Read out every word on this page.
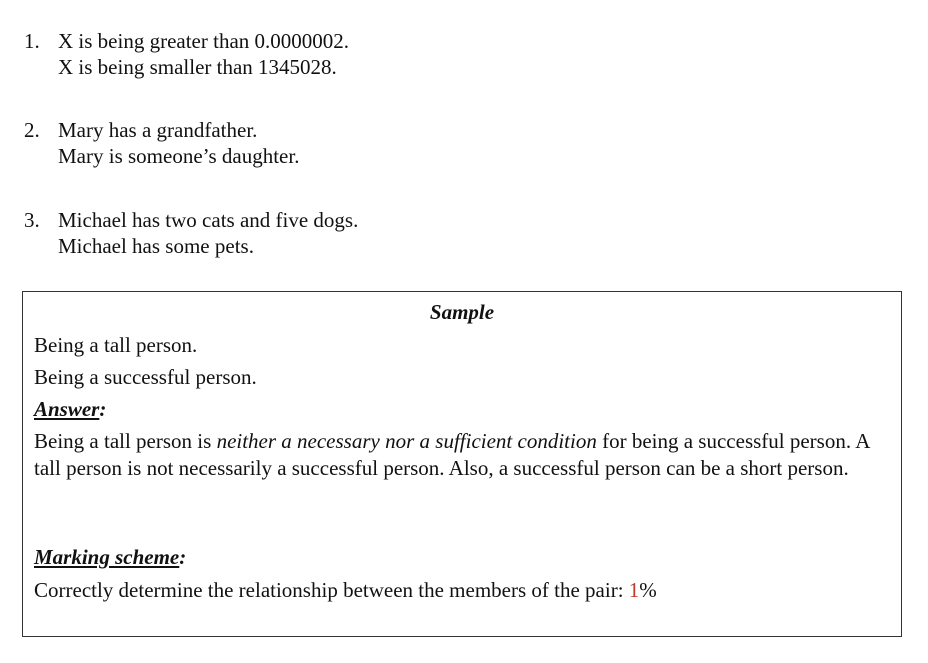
1. X is being greater than 0.0000002.
X is being smaller than 1345028.
2. Mary has a grandfather.
Mary is someone’s daughter.
3. Michael has two cats and five dogs.
Michael has some pets.
Sample
Being a tall person.
Being a successful person.
Answer:
Being a tall person is neither a necessary nor a sufficient condition for being a successful person. A tall person is not necessarily a successful person. Also, a successful person can be a short person.
Marking scheme:
Correctly determine the relationship between the members of the pair: 1%
